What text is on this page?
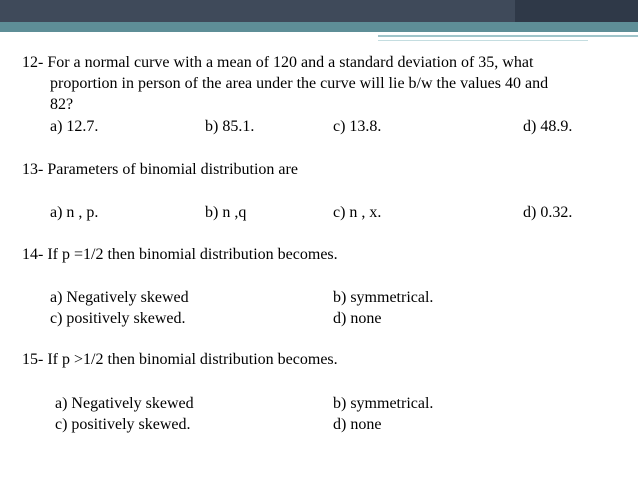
12- For a normal curve with a mean of 120 and a standard deviation of 35, what
proportion in person of the area under the curve will lie b/w the values 40 and
82?
a) 12.7.	b) 85.1.	c) 13.8.	d) 48.9.
13- Parameters of binomial distribution are
a) n , p.	b) n ,q	c) n , x.	d) 0.32.
14- If p =1/2 then binomial distribution becomes.
a) Negatively skewed	b) symmetrical.
c) positively skewed.	d) none
15- If p >1/2 then binomial distribution becomes.
a) Negatively skewed	b) symmetrical.
c) positively skewed.	d) none
